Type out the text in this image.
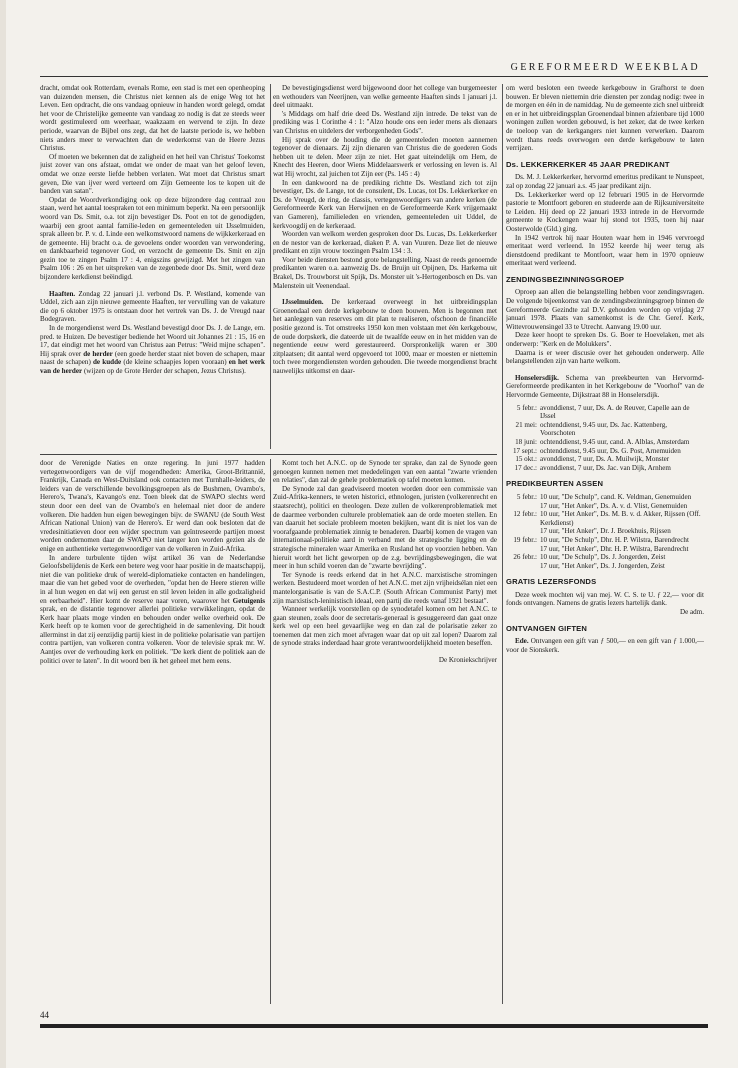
GEREFORMEERD WEEKBLAD

dracht, omdat ook Rotterdam, evenals Rome, een stad is met een openheoping van duizenden mensen, die Christus niet kennen als de enige Weg tot het Leven. Een opdracht, die ons vandaag opnieuw in handen wordt gelegd, omdat het voor de Christelijke gemeente van vandaag zo nodig is dat ze steeds weer wordt gestimuleerd om weerhaar, waakzaam en wervend te zijn. In deze periode, waarvan de Bijbel ons zegt, dat het de laatste periode is, we hebben niets anders meer te verwachten dan de wederkomst van de Heere Jezus Christus.

Of moeten we bekennen dat de zaligheid en het heil van Christus' Toekomst juist zover van ons afstaat, omdat we onder de maat van het geloof leven, omdat we onze eerste liefde hebben verlaten. Wat moet dat Christus smart geven, Die van ijver werd verteerd om Zijn Gemeente los te kopen uit de banden van satan".

Opdat de Woordverkondiging ook op deze bijzondere dag centraal zou staan, werd het aantal toespraken tot een minimum beperkt. Na een persoonlijk woord van Ds. Smit, o.a. tot zijn bevestiger Ds. Poot en tot de genodigden, waarbij een groot aantal familie-leden en gemeenteleden uit IJsselmuiden, sprak alleen br. P. v. d. Linde een welkomstwoord namens de wijkkerkeraad en de gemeente. Hij bracht o.a. de gevoelens onder woorden van verwondering, en dankbaarheid tegenover God, en verzocht de gemeente Ds. Smit en zijn gezin toe te zingen Psalm 17 : 4, enigszins gewijzigd. Met het zingen van Psalm 106 : 26 en het uitspreken van de zegenbede door Ds. Smit, werd deze bijzondere kerkdienst beëindigd.

Haaften. Zondag 22 januari j.l. verbond Ds. P. Westland, komende van Uddel, zich aan zijn nieuwe gemeente Haaften, ter vervulling van de vakature die op 6 oktober 1975 is ontstaan door het vertrek van Ds. J. de Vreugd naar Bodegraven.

In de morgendienst werd Ds. Westland bevestigd door Ds. J. de Lange, em. pred. te Huizen. De bevestiger bediende het Woord uit Johannes 21 : 15, 16 en 17, dat eindigt met het woord van Christus aan Petrus: "Weid mijne schapen". Hij sprak over de herder (een goede herder staat niet boven de schapen, maar naast de schapen) de kudde (de kleine schaapjes lopen vooraan) en het werk van de herder (wijzen op de Grote Herder der schapen, Jezus Christus).

De bevestigingsdienst werd bijgewoond door het college van burgemeester en wethouders van Neerijnen, van welke gemeente Haaften sinds 1 januari j.l. deel uitmaakt.

's Middags om half drie deed Ds. Westland zijn intrede. De tekst van de prediking was 1 Corinthe 4 : 1: "Alzo houde ons een ieder mens als dienaars van Christus en uitdelers der verborgenheden Gods".

Hij sprak over de houding die de gemeenteleden moeten aannemen tegenover de dienaars. Zij zijn dienaren van Christus die de goederen Gods hebben uit te delen. Meer zijn ze niet. Het gaat uiteindelijk om Hem, de Knecht des Heeren, door Wiens Middelaarswerk er verlossing en leven is. Al wat Hij wrocht, zal juichen tot Zijn eer (Ps. 145 : 4)

In een dankwoord na de prediking richtte Ds. Westland zich tot zijn bevestiger, Ds. de Lange, tot de consulent, Ds. Lucas, tot Ds. Lekkerkerker en Ds. de Vreugd, de ring, de classis, vertegenwoordigers van andere kerken (de Gereformeerde Kerk van Herwijnen en de Gereformeerde Kerk vrijgemaakt van Gameren), familieleden en vrienden, gemeenteleden uit Uddel, de kerkvoogdij en de kerkeraad.

Woorden van welkom werden gesproken door Ds. Lucas, Ds. Lekkerkerker en de nestor van de kerkeraad, diaken P. A. van Vuuren. Deze liet de nieuwe predikant en zijn vrouw toezingen Psalm 134 : 3.

Voor beide diensten bestond grote belangstelling. Naast de reeds genoemde predikanten waren o.a. aanwezig Ds. de Bruijn uit Opijnen, Ds. Harkema uit Brakel, Ds. Trouwborst uit Spijk, Ds. Monster uit 's-Hertogenbosch en Ds. van Malenstein uit Veenendaal.

IJsselmuiden. De kerkeraad overweegt in het uitbreidingsplan Groenendaal een derde kerkgebouw te doen bouwen. Men is begonnen met het aanleggen van reserves om dit plan te realiseren, ofschoon de financiële positie gezond is. Tot omstreeks 1950 kon men volstaan met één kerkgebouw, de oude dorpskerk, die dateerde uit de twaalfde eeuw en in het midden van de negentiende eeuw werd gerestaureerd. Oorspronkelijk waren er 300 zitplaatsen; dit aantal werd opgevoerd tot 1000, maar er moesten er niettemin toch twee morgendiensten worden gehouden. Die tweede morgendienst bracht nauwelijks uitkomst en daar-

door de Verenigde Naties en onze regering. In juni 1977 hadden vertegenwoordigers van de vijf mogendheden: Amerika, Groot-Brittannië, Frankrijk, Canada en West-Duitsland ook contacten met Turnhalle-leiders, de leiders van de verschillende bevolkingsgroepen als de Bushmen, Ovambo's, Herero's, Twana's, Kavango's enz. Toen bleek dat de SWAPO slechts werd steun door een deel van de Ovambo's en helemaal niet door de andere volkeren. Die hadden hun eigen bewegingen bijv. de SWANU (de South West African National Union) van de Herero's. Er werd dan ook besloten dat de vredesinitiatieven door een wijder spectrum van geïntreseerde partijen moest worden ondernomen daar de SWAPO niet langer kon worden gezien als de enige en authentieke vertegenwoordiger van de volkeren in Zuid-Afrika.

In andere turbulente tijden wijst artikel 36 van de Nederlandse Geloofsbelijdenis de Kerk een betere weg voor haar positie in de maatschappij, niet die van politieke druk of wereld-diplomatieke contacten en handelingen, maar die van het gebed voor de overheden, "opdat hen de Heere stieren wille in al hun wegen en dat wij een gerust en stil leven leiden in alle godzaligheid en eerbaarheid". Hier komt de reserve naar voren, waarover het Getuigenis sprak, en de distantie tegenover allerlei politieke verwikkelingen, opdat de Kerk haar plaats moge vinden en behouden onder welke overheid ook. De Kerk heeft op te komen voor de gerechtigheid in de samenleving. Dit houdt allerminst in dat zij eenzijdig partij kiest in de politieke polarisatie van partijen contra partijen, van volkeren contra volkeren. Voor de televisie sprak mr. W. Aantjes over de verhouding kerk en politiek. "De kerk dient de politiek aan de politici over te laten". In dit woord ben ik het geheel met hem eens.

Komt toch het A.N.C. op de Synode ter sprake, dan zal de Synode geen genoegen kunnen nemen met mededelingen van een aantal "zwarte vrienden en relaties", dan zal de gehele problematiek op tafel moeten komen.

De Synode zal dan geadviseerd moeten worden door een commissie van Zuid-Afrika-kenners, te weten historici, ethnologen, juristen (volkerenrecht en staatsrecht), politici en theologen. Deze zullen de volkerenproblematiek met de daarmee verbonden culturele problematiek aan de orde moeten stellen. En van daaruit het sociale probleem moeten bekijken, want dit is niet los van de voorafgaande problematiek zinnig te benaderen. Daarbij komen de vragen van internationaal-politieke aard in verband met de strategische ligging en de strategische mineralen waar Amerika en Rusland het op voorzien hebben. Van hieruit wordt het licht geworpen op de z.g. bevrijdingsbewegingen, die wat meer in hun schild voeren dan de "zwarte bevrijding".

Ter Synode is reeds erkend dat in het A.N.C. marxistische stromingen werken. Bestudeerd moet worden of het A.N.C. met zijn vrijheidsélan niet een mantelorganisatie is van de S.A.C.P. (South African Communist Party) met zijn marxistisch-leninistisch ideaal, een partij die reeds vanaf 1921 bestaat".

Wanneer werkelijk voorstellen op de synodetafel komen om het A.N.C. te gaan steunen, zoals door de secretaris-generaal is gesuggereerd dan gaat onze kerk wel op een heel gevaarlijke weg en dan zal de polarisatie zeker zo toenemen dat men zich moet afvragen waar dat op uit zal lopen? Daarom zal de synode straks inderdaad haar grote verantwoordelijkheid moeten beseffen.

De Kroniekschrijver

om werd besloten een tweede kerkgebouw in Grafhorst te doen bouwen. Er bleven niettemin drie diensten per zondag nodig: twee in de morgen en één in de namiddag. Nu de gemeente zich snel uitbreidt en er in het uitbreidingsplan Groenendaal binnen afzienbare tijd 1000 woningen zullen worden gebouwd, is het zeker, dat de twee kerken de toeloop van de kerkgangers niet kunnen verwerken. Daarom wordt thans reeds overwogen een derde kerkgebouw te laten verrijzen.

Ds. LEKKERKERKER 45 JAAR PREDIKANT

Ds. M. J. Lekkerkerker, hervormd emeritus predikant te Nunspeet, zal op zondag 22 januari a.s. 45 jaar predikant zijn.

Ds. Lekkerkerker werd op 12 februari 1905 in de Hervormde pastorie te Montfoort geboren en studeerde aan de Rijksuniversiteite te Leiden. Hij deed op 22 januari 1933 intrede in de Hervormde gemeente te Kockengen waar hij stond tot 1935, toen hij naar Oosterwolde (Gld.) ging.

In 1942 vertrok hij naar Houten waar hem in 1946 vervroegd emeritaat werd verleend. In 1952 keerde hij weer terug als dienstdoend predikant te Montfoort, waar hem in 1970 opnieuw emeritaat werd verleend.

ZENDINGSBEZINNINGSGROEP

Oproep aan allen die belangstelling hebben voor zendingsvragen. De volgende bijeenkomst van de zendingsbezinningsgroep binnen de Gereformeerde Gezindte zal D.V. gehouden worden op vrijdag 27 januari 1978. Plaats van samenkomst is de Chr. Geref. Kerk, Wittevrouwensingel 33 te Utrecht. Aanvang 19.00 uur.

Deze keer hoopt te spreken Ds. G. Boer te Hoevelaken, met als onderwerp: "Kerk en de Molukkers".

Daarna is er weer discusie over het gehouden onderwerp. Alle belangstellenden zijn van harte welkom.

Honselersdijk. Schema van preekbeurten van Hervormd-Gereformeerde predikanten in het Kerkgebouw de "Voorhof" van de Hervormde Gemeente, Dijkstraat 88 in Honselersdijk.

5 febr.: avonddienst, 7 uur, Ds. A. de Reuver, Capelle aan de IJssel
21 mei: ochtenddienst, 9.45 uur, Ds. Jac. Kattenberg, Voorschoten
18 juni: ochtenddienst, 9.45 uur, cand. A. Alblas, Amsterdam
17 sept.: ochtenddienst, 9.45 uur, Ds. G. Post, Arnemuiden
15 okt.: avonddienst, 7 uur, Ds. A. Muilwijk, Monster
17 dec.: avonddienst, 7 uur, Ds. Jac. van Dijk, Arnhem
PREDIKBEURTEN ASSEN
5 febr.: 10 uur, "De Schulp", cand. K. Veldman, Genemuiden
17 uur, "Het Anker", Ds. A. v. d. Vlist, Genemuiden
12 febr.: 10 uur, "Het Anker", Ds. M. B. v. d. Akker, Rijssen (Off. Kerkdienst)
17 uur, "Het Anker", Dr. J. Broekhuis, Rijssen
19 febr.: 10 uur, "De Schulp", Dhr. H. P. Wilstra, Barendrecht
17 uur, "Het Anker", Dhr. H. P. Wilstra, Barendrecht
26 febr.: 10 uur, "De Schulp", Ds. J. Jongerden, Zeist
17 uur, "Het Anker", Ds. J. Jongerden, Zeist
GRATIS LEZERSFONDS

Deze week mochten wij van mej. W. C. S. te U. ƒ 22,— voor dit fonds ontvangen. Namens de gratis lezers hartelijk dank.

De adm.

ONTVANGEN GIFTEN

Ede. Ontvangen een gift van ƒ 500,— en een gift van ƒ 1.000,— voor de Sionskerk.

44
